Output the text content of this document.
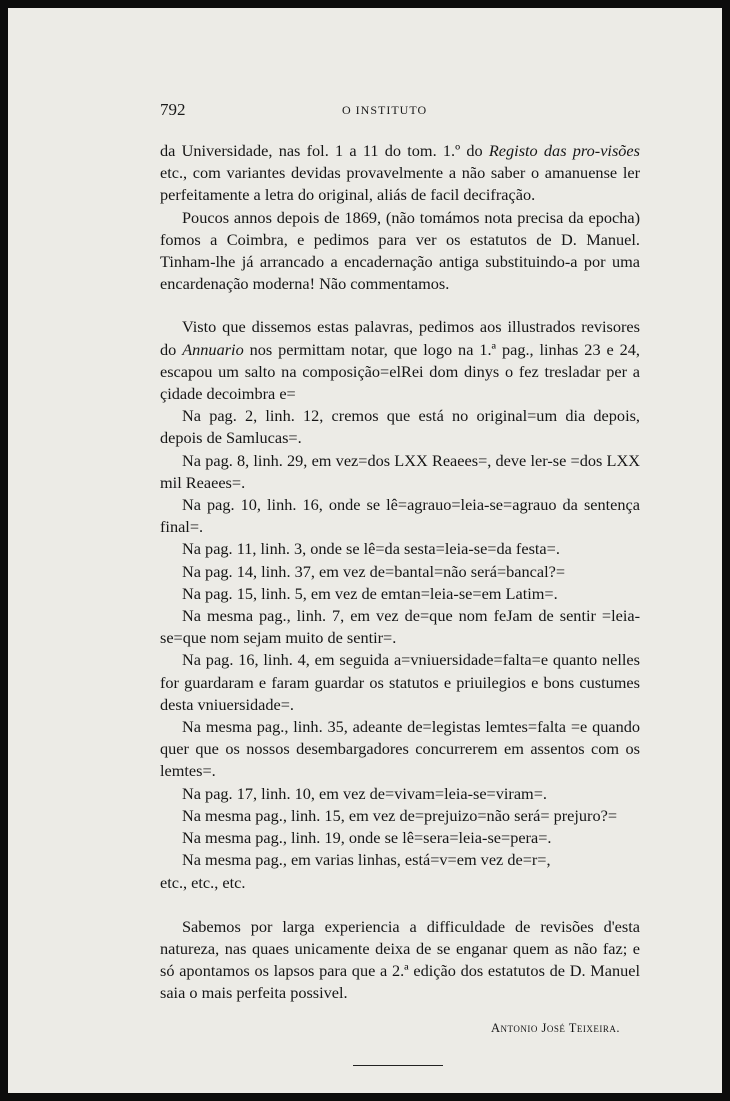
792	O INSTITUTO

da Universidade, nas fol. 1 a 11 do tom. 1.º do Registo das pro-visões etc., com variantes devidas provavelmente a não saber o amanuense ler perfeitamente a letra do original, aliás de facil decifração.

Poucos annos depois de 1869, (não tomámos nota precisa da epocha) fomos a Coimbra, e pedimos para ver os estatutos de D. Manuel. Tinham-lhe já arrancado a encadernação antiga substituindo-a por uma encardenação moderna! Não commentamos.

Visto que dissemos estas palavras, pedimos aos illustrados revisores do Annuario nos permittam notar, que logo na 1.ª pag., linhas 23 e 24, escapou um salto na composição=elRei dom dinys o fez tresladar per a çidade decoimbra e=

Na pag. 2, linh. 12, cremos que está no original=um dia depois, depois de Samlucas=.

Na pag. 8, linh. 29, em vez=dos LXX Reaees=, deve ler-se =dos LXX mil Reaees=.

Na pag. 10, linh. 16, onde se lê=agrauo=leia-se=agrauo da sentença final=.

Na pag. 11, linh. 3, onde se lê=da sesta=leia-se=da festa=.

Na pag. 14, linh. 37, em vez de=bantal=não será=bancal?=

Na pag. 15, linh. 5, em vez de emtan=leia-se=em Latim=.

Na mesma pag., linh. 7, em vez de=que nom feJam de sentir =leia-se=que nom sejam muito de sentir=.

Na pag. 16, linh. 4, em seguida a=vniuersidade=falta=e quanto nelles for guardaram e faram guardar os statutos e priuilegios e bons custumes desta vniuersidade=.

Na mesma pag., linh. 35, adeante de=legistas lemtes=falta =e quando quer que os nossos desembargadores concurrerem em assentos com os lemtes=.

Na pag. 17, linh. 10, em vez de=vivam=leia-se=viram=.

Na mesma pag., linh. 15, em vez de=prejuizo=não será= prejuro?=

Na mesma pag., linh. 19, onde se lê=sera=leia-se=pera=.

Na mesma pag., em varias linhas, está=v=em vez de=r=,

etc., etc., etc.

Sabemos por larga experiencia a difficuldade de revisões d'esta natureza, nas quaes unicamente deixa de se enganar quem as não faz; e só apontamos os lapsos para que a 2.ª edição dos estatutos de D. Manuel saia o mais perfeita possivel.

Antonio José Teixeira.
